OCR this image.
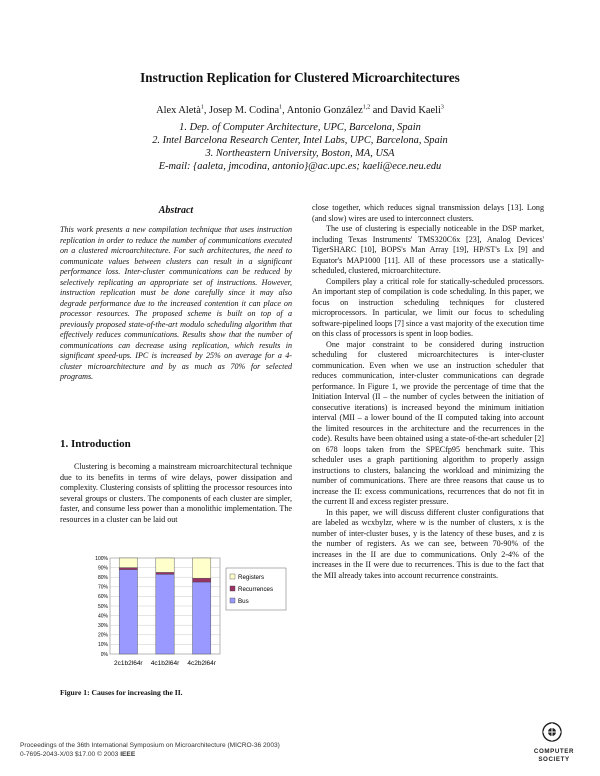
Instruction Replication for Clustered Microarchitectures
Alex Aletà$^1$, Josep M. Codina$^1$, Antonio González$^{1,2}$ and David Kaeli$^3$
1. Dep. of Computer Architecture, UPC, Barcelona, Spain
2. Intel Barcelona Research Center, Intel Labs, UPC, Barcelona, Spain
3. Northeastern University, Boston, MA, USA
E-mail: {aaleta, jmcodina, antonio}@ac.upc.es; kaeli@ece.neu.edu
Abstract

This work presents a new compilation technique that uses instruction replication in order to reduce the number of communications executed on a clustered microarchitecture. For such architectures, the need to communicate values between clusters can result in a significant performance loss. Inter-cluster communications can be reduced by selectively replicating an appropriate set of instructions. However, instruction replication must be done carefully since it may also degrade performance due to the increased contention it can place on processor resources. The proposed scheme is built on top of a previously proposed state-of-the-art modulo scheduling algorithm that effectively reduces communications. Results show that the number of communications can decrease using replication, which results in significant speed-ups. IPC is increased by 25% on average for a 4-cluster microarchitecture and by as much as 70% for selected programs.

1. Introduction

Clustering is becoming a mainstream microarchitectural technique due to its benefits in terms of wire delays, power dissipation and complexity. Clustering consists of splitting the processor resources into several groups or clusters. The components of each cluster are simpler, faster, and consume less power than a monolithic implementation. The resources in a cluster can be laid out

0%
10%
20%
30%
40%
50%
60%
70%
80%
90%
100%
2c1b2l64r 4c1b2l64r 4c2b2l64r
Registers
Recurrences
Bus
Figure 1: Causes for increasing the II.

close together, which reduces signal transmission delays [13]. Long (and slow) wires are used to interconnect clusters.

The use of clustering is especially noticeable in the DSP market, including Texas Instruments' TMS320C6x [23], Analog Devices' TigerSHARC [10], BOPS's Man Array [19], HP/ST's Lx [9] and Equator's MAP1000 [11]. All of these processors use a statically-scheduled, clustered, microarchitecture.

Compilers play a critical role for statically-scheduled processors. An important step of compilation is code scheduling. In this paper, we focus on instruction scheduling techniques for clustered microprocessors. In particular, we limit our focus to scheduling software-pipelined loops [7] since a vast majority of the execution time on this class of processors is spent in loop bodies.

One major constraint to be considered during instruction scheduling for clustered microarchitectures is inter-cluster communication. Even when we use an instruction scheduler that reduces communication, inter-cluster communications can degrade performance. In Figure 1, we provide the percentage of time that the Initiation Interval (II – the number of cycles between the initiation of consecutive iterations) is increased beyond the minimum initiation interval (MII – a lower bound of the II computed taking into account the limited resources in the architecture and the recurrences in the code). Results have been obtained using a state-of-the-art scheduler [2] on 678 loops taken from the SPECfp95 benchmark suite. This scheduler uses a graph partitioning algorithm to properly assign instructions to clusters, balancing the workload and minimizing the number of communications. There are three reasons that cause us to increase the II: excess communications, recurrences that do not fit in the current II and excess register pressure.

In this paper, we will discuss different cluster configurations that are labeled as wcxbylzr, where w is the number of clusters, x is the number of inter-cluster buses, y is the latency of these buses, and z is the number of registers. As we can see, between 70-90% of the increases in the II are due to communications. Only 2-4% of the increases in the II were due to recurrences. This is due to the fact that the MII already takes into account recurrence constraints.

Proceedings of the 36th International Symposium on Microarchitecture (MICRO-36 2003)
0-7695-2043-X/03 $17.00 © 2003 IEEE	COMPUTER
SOCIETY
